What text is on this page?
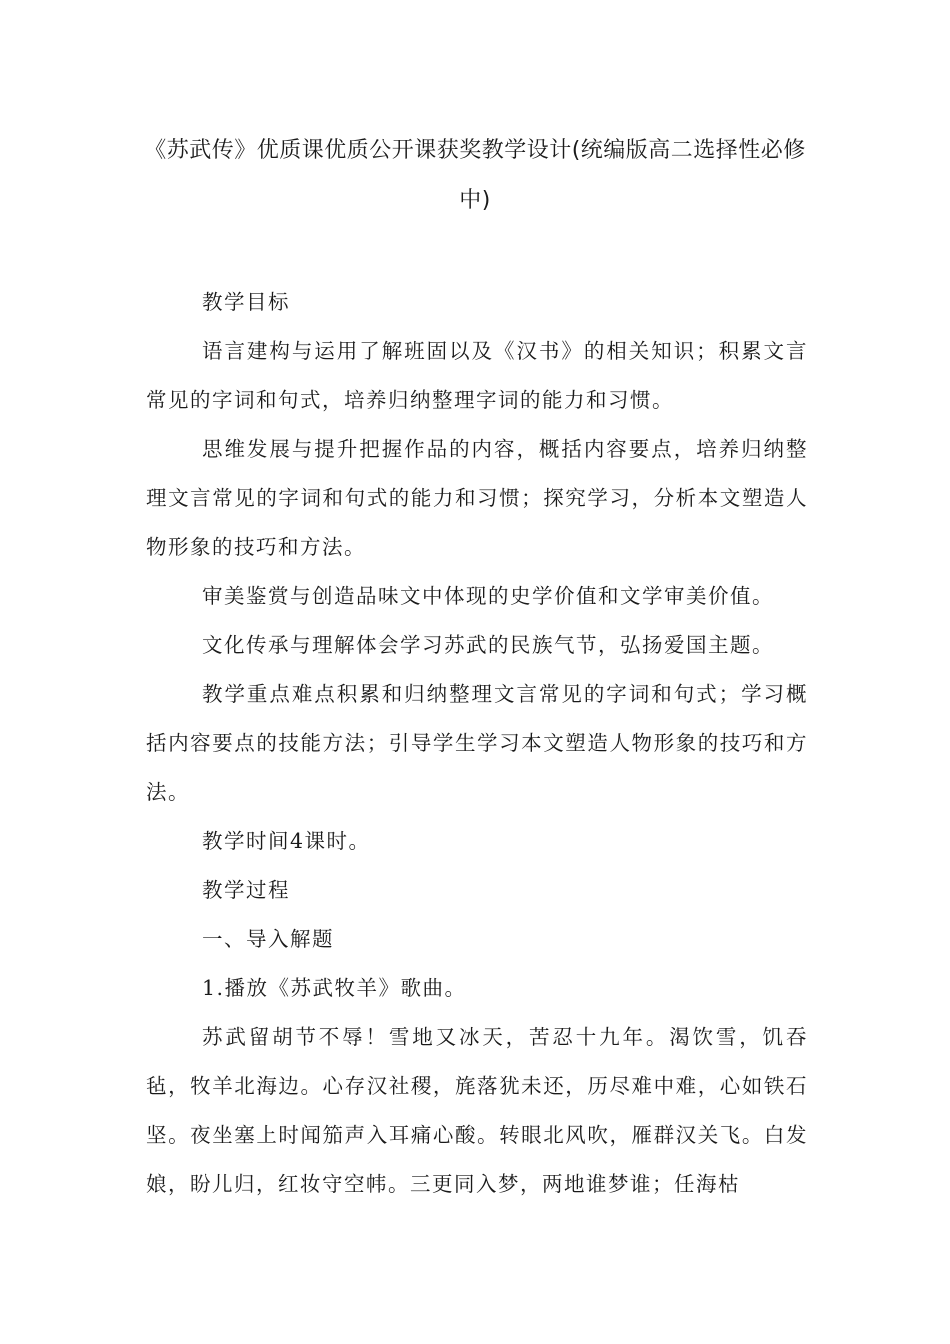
《苏武传》优质课优质公开课获奖教学设计(统编版高二选择性必修中)

教学目标

语言建构与运用了解班固以及《汉书》的相关知识；积累文言常见的字词和句式，培养归纳整理字词的能力和习惯。

思维发展与提升把握作品的内容，概括内容要点，培养归纳整理文言常见的字词和句式的能力和习惯；探究学习，分析本文塑造人物形象的技巧和方法。

审美鉴赏与创造品味文中体现的史学价值和文学审美价值。

文化传承与理解体会学习苏武的民族气节，弘扬爱国主题。

教学重点难点积累和归纳整理文言常见的字词和句式；学习概括内容要点的技能方法；引导学生学习本文塑造人物形象的技巧和方法。

教学时间4课时。

教学过程

一、导入解题

1.播放《苏武牧羊》歌曲。

苏武留胡节不辱！雪地又冰天，苦忍十九年。渴饮雪，饥吞毡，牧羊北海边。心存汉社稷，旄落犹未还，历尽难中难，心如铁石坚。夜坐塞上时闻笳声入耳痛心酸。转眼北风吹，雁群汉关飞。白发娘，盼儿归，红妆守空帏。三更同入梦，两地谁梦谁；任海枯
